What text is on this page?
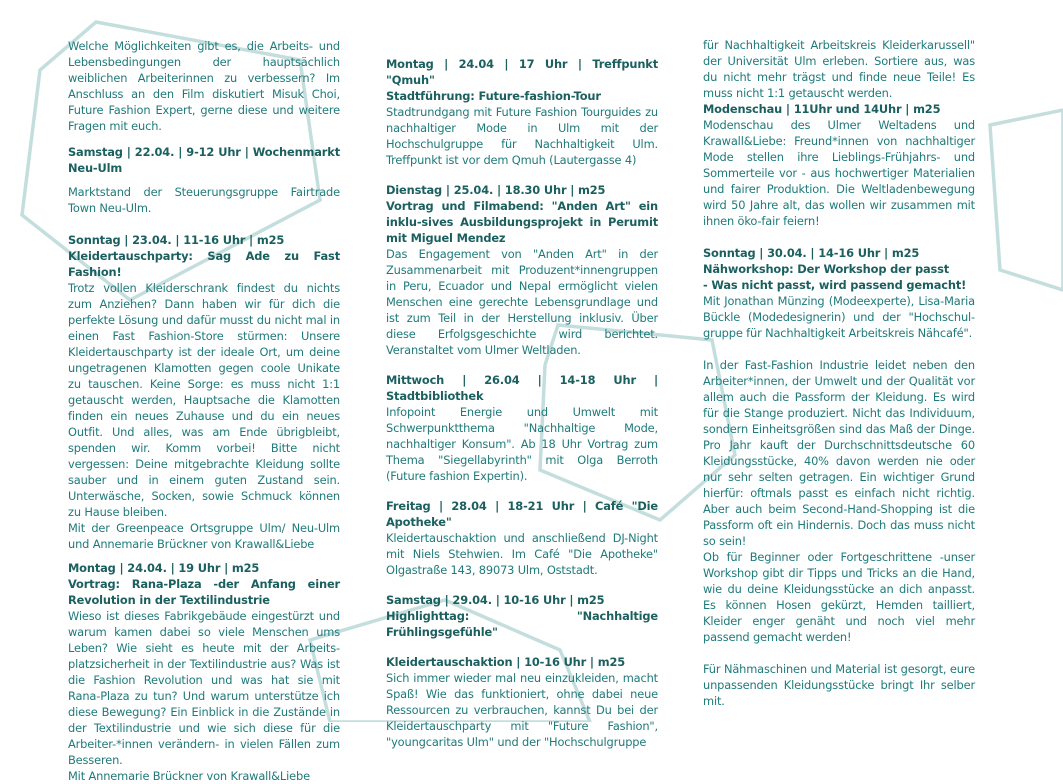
Welche Möglichkeiten gibt es, die Arbeits- und Lebensbedingungen der hauptsächlich weiblichen Arbeiterinnen zu verbessern? Im Anschluss an den Film diskutiert Misuk Choi, Future Fashion Expert, gerne diese und weitere Fragen mit euch.

Samstag | 22.04. | 9-12 Uhr | Wochenmarkt Neu-Ulm

Marktstand der Steuerungsgruppe Fairtrade Town Neu-Ulm.

Sonntag | 23.04. | 11-16 Uhr | m25

Kleidertauschparty: Sag Ade zu Fast Fashion!

Trotz vollen Kleiderschrank findest du nichts zum Anziehen? Dann haben wir für dich die perfekte Lösung und dafür musst du nicht mal in einen Fast Fashion-Store stürmen: Unsere Kleidertauschparty ist der ideale Ort, um deine ungetragenen Klamotten gegen coole Unikate zu tauschen. Keine Sorge: es muss nicht 1:1 getauscht werden, Hauptsache die Klamotten finden ein neues Zuhause und du ein neues Outfit. Und alles, was am Ende übrigbleibt, spenden wir. Komm vorbei! Bitte nicht vergessen: Deine mitgebrachte Kleidung sollte sauber und in einem guten Zustand sein. Unterwäsche, Socken, sowie Schmuck können zu Hause bleiben.

Mit der Greenpeace Ortsgruppe Ulm/ Neu-Ulm und Annemarie Brückner von Krawall&Liebe

Montag | 24.04. | 19 Uhr | m25

Vortrag: Rana-Plaza -der Anfang einer Revolution in der Textilindustrie

Wieso ist dieses Fabrikgebäude eingestürzt und warum kamen dabei so viele Menschen ums Leben? Wie sieht es heute mit der Arbeits-platzsicherheit in der Textilindustrie aus? Was ist die Fashion Revolution und was hat sie mit Rana-Plaza zu tun? Und warum unterstütze ich diese Bewegung? Ein Einblick in die Zustände in der Textilindustrie und wie sich diese für die Arbeiter-*innen verändern- in vielen Fällen zum Besseren.

Mit Annemarie Brückner von Krawall&Liebe

Montag | 24.04 | 17 Uhr | Treffpunkt "Qmuh"

Stadtführung: Future-fashion-Tour

Stadtrundgang mit Future Fashion Tourguides zu nachhaltiger Mode in Ulm mit der Hochschulgruppe für Nachhaltigkeit Ulm. Treffpunkt ist vor dem Qmuh (Lautergasse 4)

Dienstag | 25.04. | 18.30 Uhr | m25

Vortrag und Filmabend: "Anden Art" ein inklu-sives Ausbildungsprojekt in Perumit mit Miguel Mendez

Das Engagement von "Anden Art" in der Zusammenarbeit mit Produzent*innengruppen in Peru, Ecuador und Nepal ermöglicht vielen Menschen eine gerechte Lebensgrundlage und ist zum Teil in der Herstellung inklusiv. Über diese Erfolgsgeschichte wird berichtet. Veranstaltet vom Ulmer Weltladen.

Mittwoch | 26.04 | 14-18 Uhr | Stadtbibliothek

Infopoint Energie und Umwelt mit Schwerpunktthema "Nachhaltige Mode, nachhaltiger Konsum". Ab 18 Uhr Vortrag zum Thema "Siegellabyrinth" mit Olga Berroth (Future fashion Expertin).

Freitag | 28.04 | 18-21 Uhr | Café "Die Apotheke"

Kleidertauschaktion und anschließend DJ-Night mit Niels Stehwien. Im Café "Die Apotheke" Olgastraße 143, 89073 Ulm, Oststadt.

Samstag | 29.04. | 10-16 Uhr | m25

Highlighttag: "Nachhaltige Frühlingsgefühle"

Kleidertauschaktion | 10-16 Uhr | m25

Sich immer wieder mal neu einzukleiden, macht Spaß! Wie das funktioniert, ohne dabei neue Ressourcen zu verbrauchen, kannst Du bei der Kleidertauschparty mit "Future Fashion", "youngcaritas Ulm" und der "Hochschulgruppe

für Nachhaltigkeit Arbeitskreis Kleiderkarussell" der Universität Ulm erleben. Sortiere aus, was du nicht mehr trägst und finde neue Teile! Es muss nicht 1:1 getauscht werden.

Modenschau | 11Uhr und 14Uhr | m25

Modenschau des Ulmer Weltadens und Krawall&Liebe: Freund*innen von nachhaltiger Mode stellen ihre Lieblings-Frühjahrs- und Sommerteile vor - aus hochwertiger Materialien und fairer Produktion. Die Weltladenbewegung wird 50 Jahre alt, das wollen wir zusammen mit ihnen öko-fair feiern!

Sonntag | 30.04. | 14-16 Uhr | m25

Nähworkshop: Der Workshop der passt

- Was nicht passt, wird passend gemacht!

Mit Jonathan Münzing (Modeexperte), Lisa-Maria Bückle (Modedesignerin) und der "Hochschul-gruppe für Nachhaltigkeit Arbeitskreis Nähcafé".

In der Fast-Fashion Industrie leidet neben den Arbeiter*innen, der Umwelt und der Qualität vor allem auch die Passform der Kleidung. Es wird für die Stange produziert. Nicht das Individuum, sondern Einheitsgrößen sind das Maß der Dinge. Pro Jahr kauft der Durchschnittsdeutsche 60 Kleidungsstücke, 40% davon werden nie oder nur sehr selten getragen. Ein wichtiger Grund hierfür: oftmals passt es einfach nicht richtig. Aber auch beim Second-Hand-Shopping ist die Passform oft ein Hindernis. Doch das muss nicht so sein!

Ob für Beginner oder Fortgeschrittene -unser Workshop gibt dir Tipps und Tricks an die Hand, wie du deine Kleidungsstücke an dich anpasst. Es können Hosen gekürzt, Hemden tailliert, Kleider enger genäht und noch viel mehr passend gemacht werden!

Für Nähmaschinen und Material ist gesorgt, eure unpassenden Kleidungsstücke bringt Ihr selber mit.
